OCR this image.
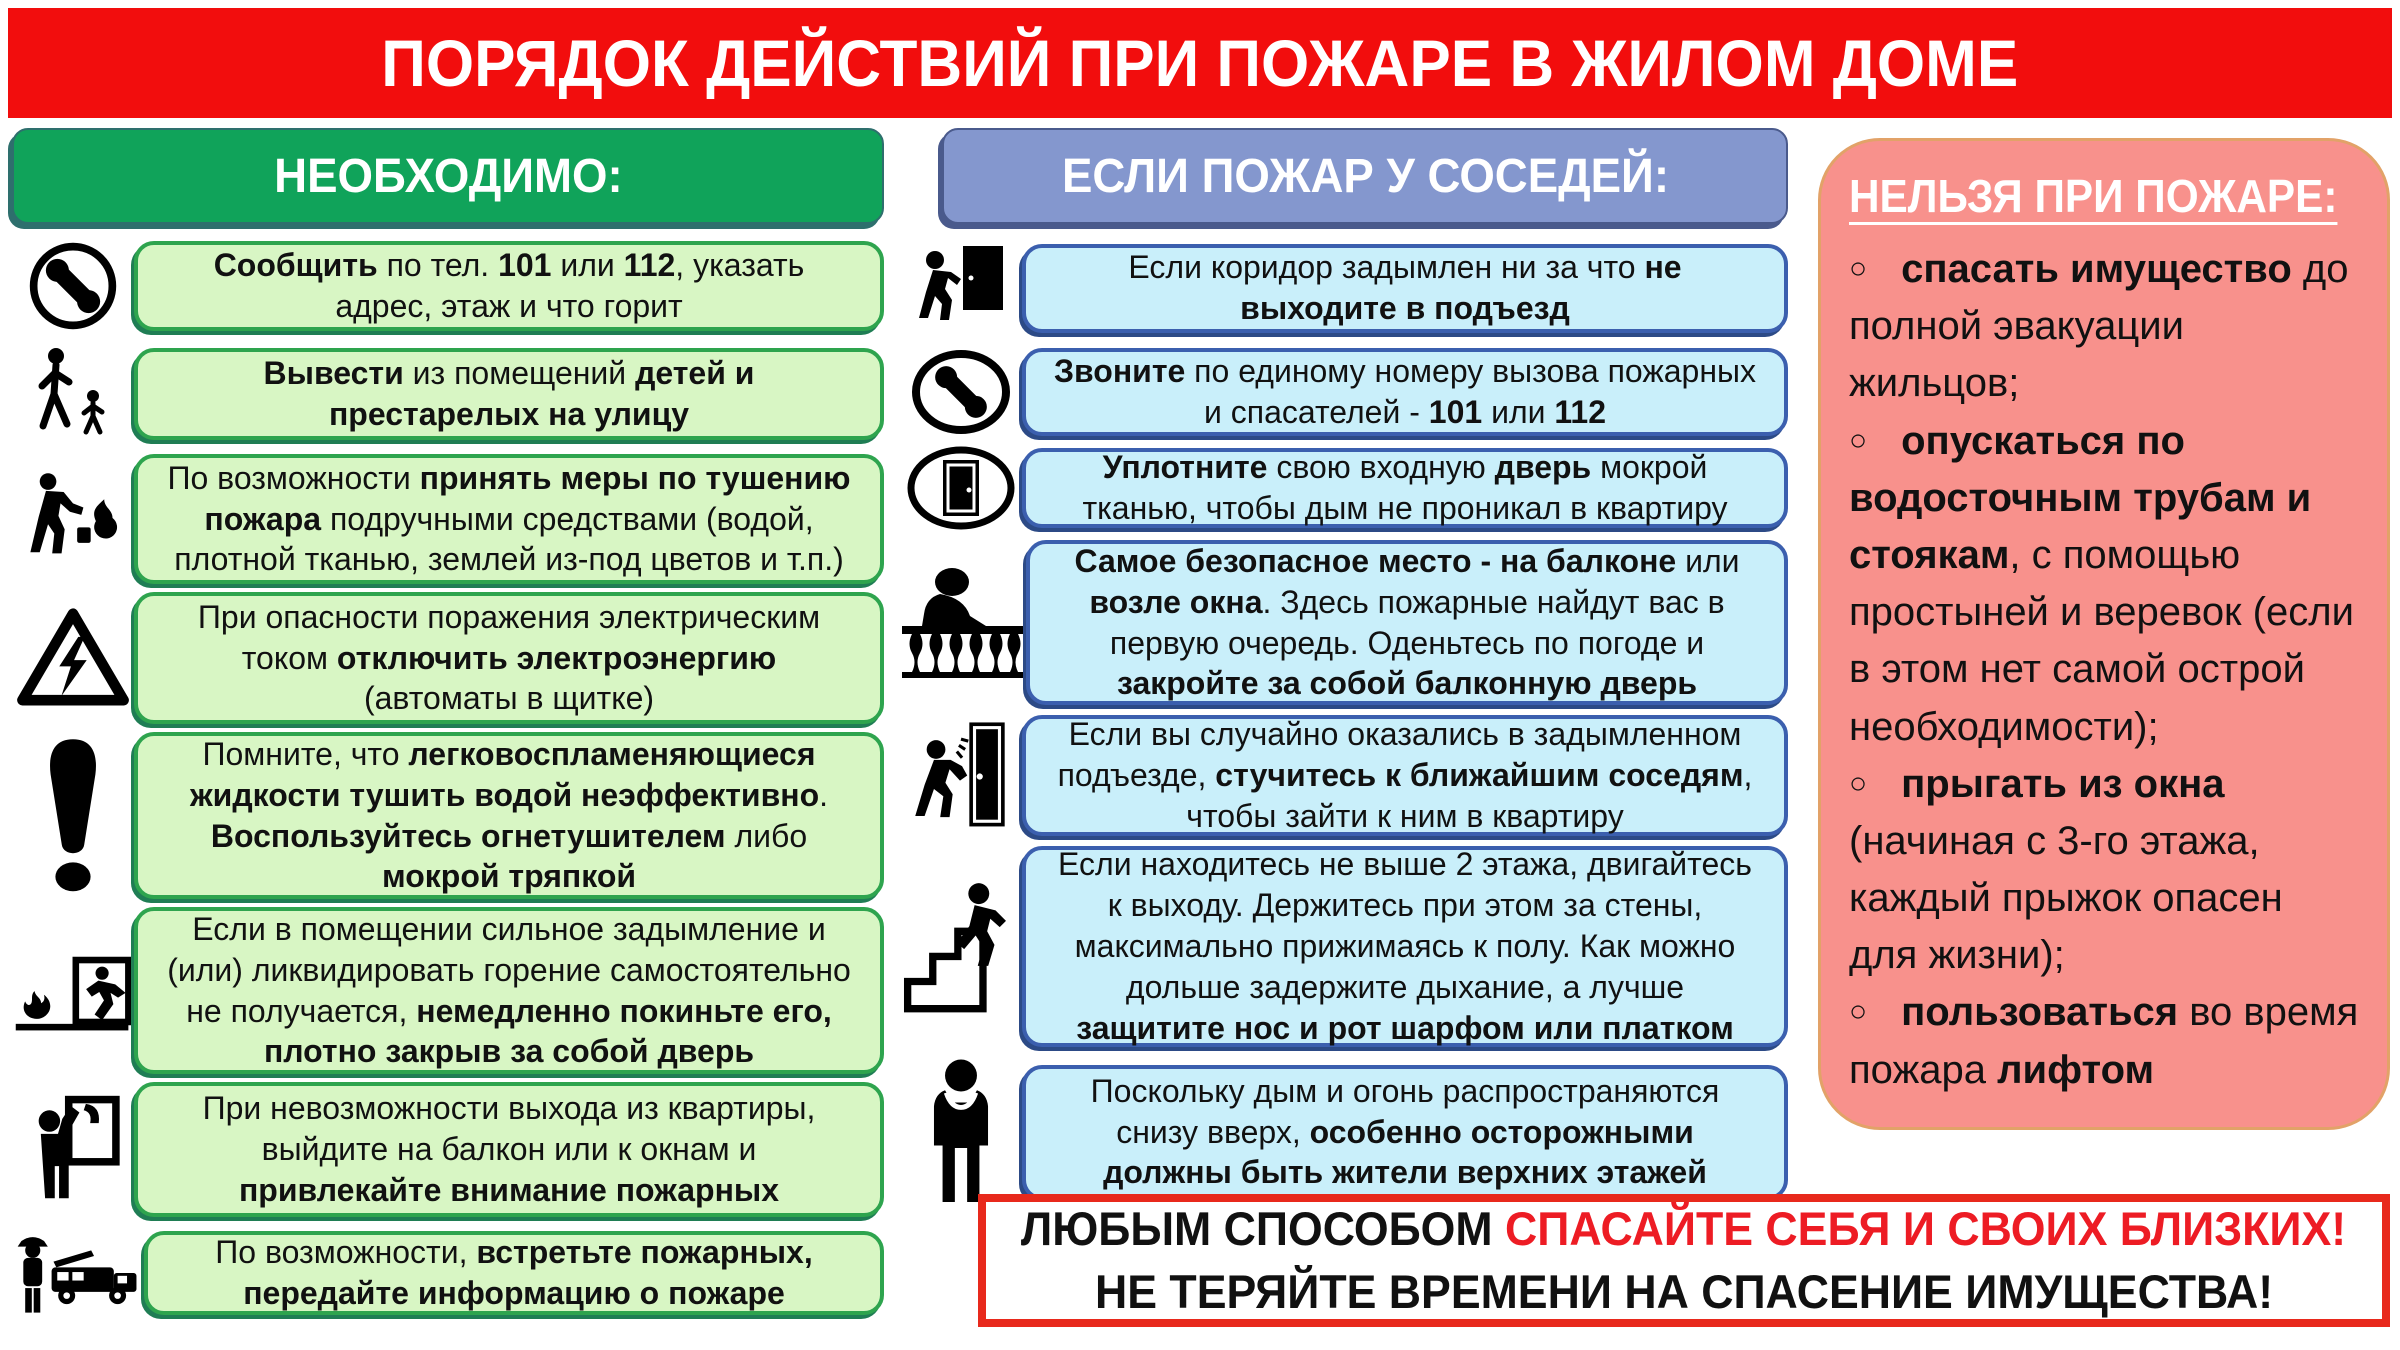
ПОРЯДОК ДЕЙСТВИЙ ПРИ ПОЖАРЕ В ЖИЛОМ ДОМЕ
НЕОБХОДИМО:

Сообщить по тел. 101 или 112, указать адрес, этаж и что горит

Вывести из помещений детей и престарелых на улицу

По возможности принять меры по тушению пожара подручными средствами (водой, плотной тканью, землей из-под цветов и т.п.)

При опасности поражения электрическим током отключить электроэнергию (автоматы в щитке)

Помните, что легковоспламеняющиеся жидкости тушить водой неэффективно. Воспользуйтесь огнетушителем либо мокрой тряпкой

Если в помещении сильное задымление и (или) ликвидировать горение самостоятельно не получается, немедленно покиньте его, плотно закрыв за собой дверь

При невозможности выхода из квартиры, выйдите на балкон или к окнам и привлекайте внимание пожарных

По возможности, встретьте пожарных, передайте информацию о пожаре

ЕСЛИ ПОЖАР У СОСЕДЕЙ:

Если коридор задымлен ни за что не выходите в подъезд

Звоните по единому номеру вызова пожарных и спасателей - 101 или 112

Уплотните свою входную дверь мокрой тканью, чтобы дым не проникал в квартиру

Самое безопасное место - на балконе или возле окна. Здесь пожарные найдут вас в первую очередь. Оденьтесь по погоде и закройте за собой балконную дверь

Если вы случайно оказались в задымленном подъезде, стучитесь к ближайшим соседям, чтобы зайти к ним в квартиру

Если находитесь не выше 2 этажа, двигайтесь к выходу. Держитесь при этом за стены, максимально прижимаясь к полу. Как можно дольше задержите дыхание, а лучше защитите нос и рот шарфом или платком

Поскольку дым и огонь распространяются снизу вверх, особенно осторожными должны быть жители верхних этажей

НЕЛЬЗЯ ПРИ ПОЖАРЕ:

○ спасать имущество до полной эвакуации жильцов;

○ опускаться по водосточным трубам и стоякам, с помощью простыней и веревок (если в этом нет самой острой необходимости);

○ прыгать из окна (начиная с 3-го этажа, каждый прыжок опасен для жизни);

○ пользоваться во время пожара лифтом

ЛЮБЫМ СПОСОБОМ СПАСАЙТЕ СЕБЯ И СВОИХ БЛИЗКИХ!

НЕ ТЕРЯЙТЕ ВРЕМЕНИ НА СПАСЕНИЕ ИМУЩЕСТВА!
